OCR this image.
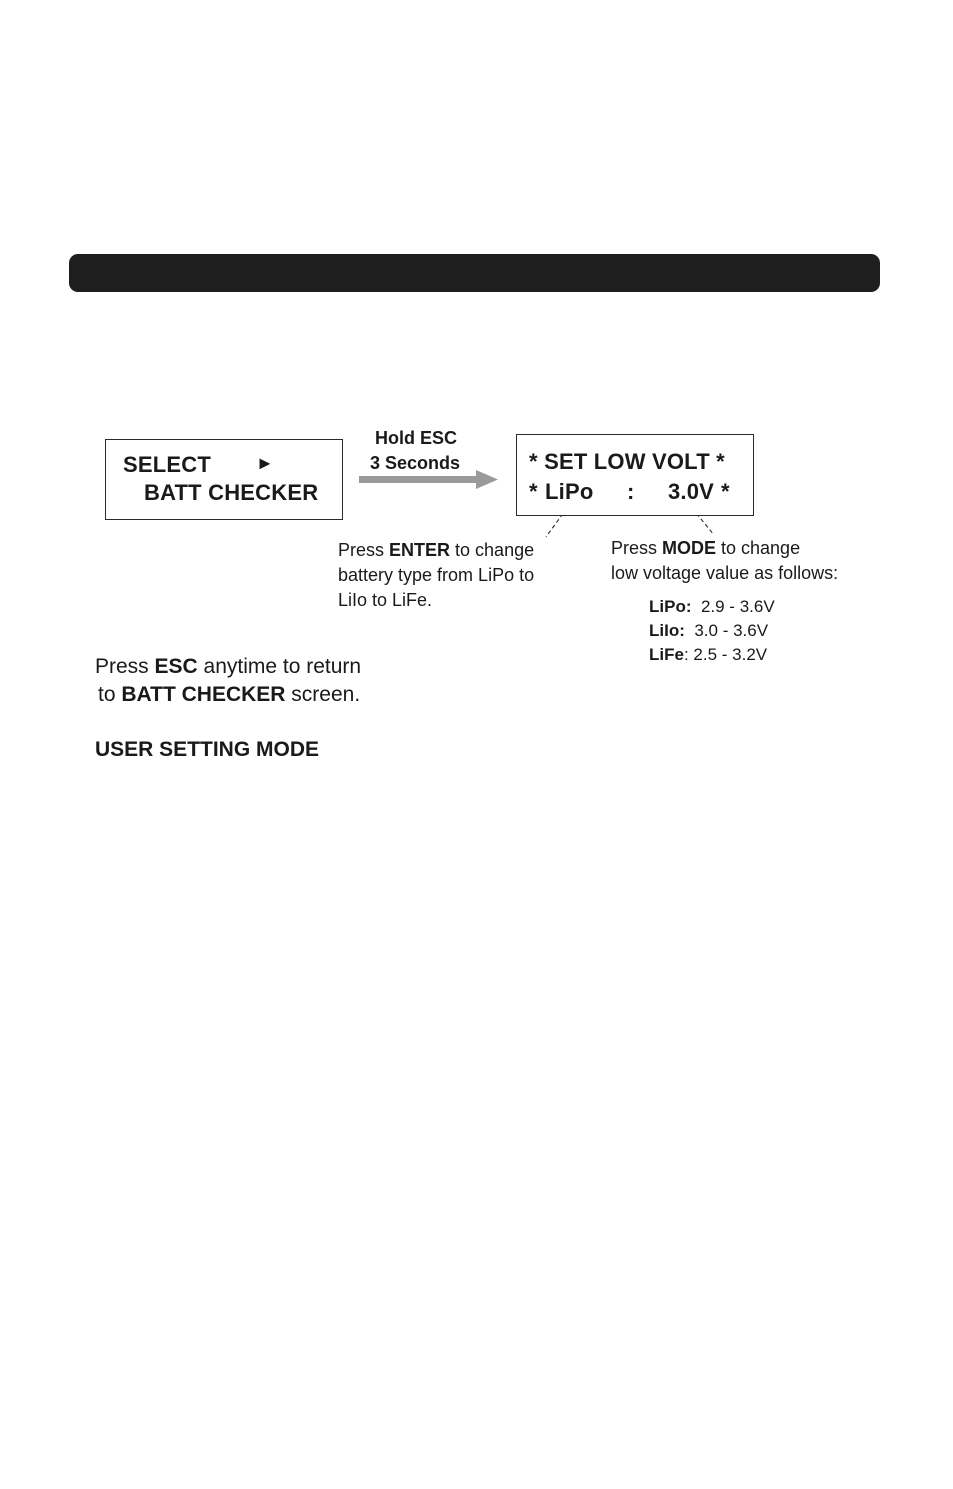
SELECT	►
BATT CHECKER
Hold ESC
3 Seconds	* SET LOW VOLT *
* LiPo : 3.0V *
Press ENTER to change
battery type from LiPo to
LiIo to LiFe.
Press MODE to change
low voltage value as follows:
LiPo: 2.9 - 3.6V
LiIo: 3.0 - 3.6V
LiFe: 2.5 - 3.2V
Press ESC anytime to return
to BATT CHECKER screen.
USER SETTING MODE
